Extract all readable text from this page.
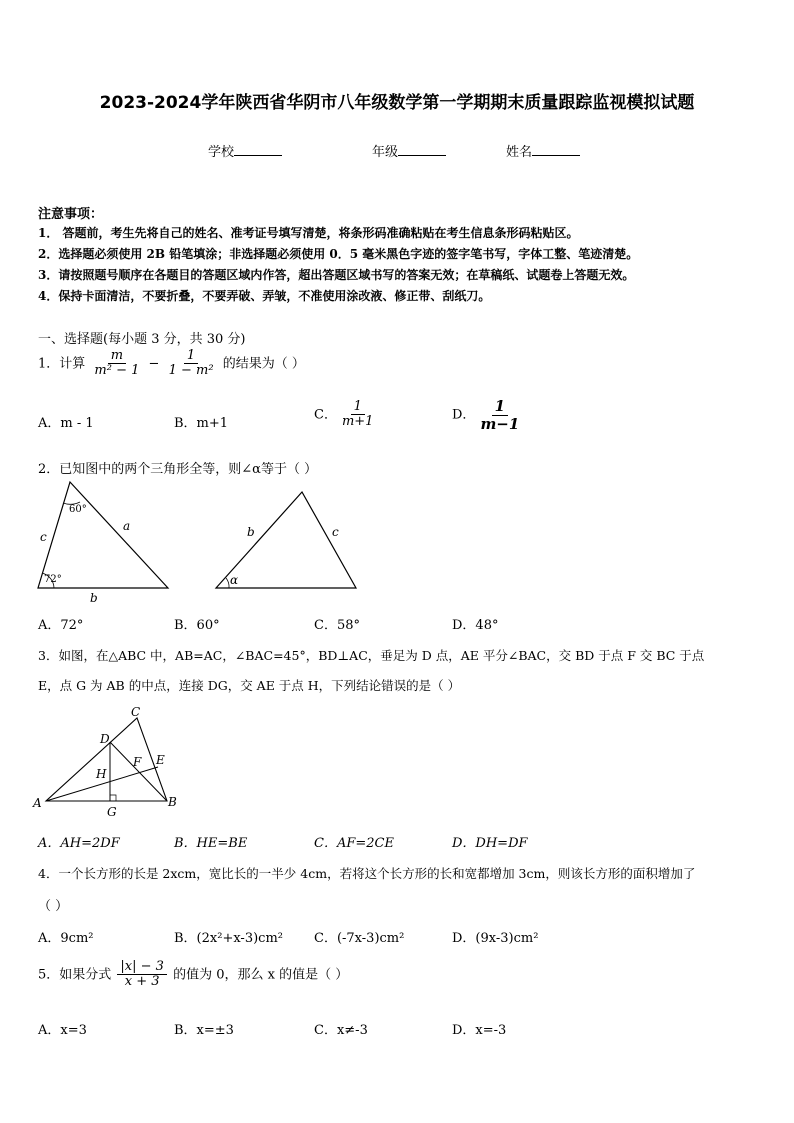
2023-2024学年陕西省华阴市八年级数学第一学期期末质量跟踪监视模拟试题
学校	年级	姓名
注意事项：
1． 答题前，考生先将自己的姓名、准考证号填写清楚，将条形码准确粘贴在考生信息条形码粘贴区。
2．选择题必须使用 2B 铅笔填涂；非选择题必须使用 0．5 毫米黑色字迹的签字笔书写，字体工整、笔迹清楚。
3．请按照题号顺序在各题目的答题区域内作答，超出答题区域书写的答案无效；在草稿纸、试题卷上答题无效。
4．保持卡面清洁，不要折叠，不要弄破、弄皱，不准使用涂改液、修正带、刮纸刀。
一、选择题(每小题 3 分，共 30 分)
1．计算 $\frac{m}{\text{m² − 1}} - \frac{1}{\text{1 − m²}}$ 的结果为（ ）
A．m - 1	B．m+1
C． $\frac{1}{m+1}$	D． $\frac{1}{m-1}$
2．已知图中的两个三角形全等，则∠α等于（ ）
60°
72°
a
c
b
α
b	c
A．72°	B．60°	C．58°	D．48°
3．如图，在△ABC 中，AB=AC，∠BAC=45°，BD⊥AC，垂足为 D 点，AE 平分∠BAC，交 BD 于点 F 交 BC 于点
E，点 G 为 AB 的中点，连接 DG，交 AE 于点 H，下列结论错误的是（ ）
A	B
C
D
E
F
G
H
A．AH=2DF	B．HE=BE	C．AF=2CE	D．DH=DF
4．一个长方形的长是 2xcm，宽比长的一半少 4cm，若将这个长方形的长和宽都增加 3cm，则该长方形的面积增加了
（ ）
A．9cm²	B．(2x²+x-3)cm² C．(-7x-3)cm²	D．(9x-3)cm²
5．如果分式 $\frac{|x| - 3}{x + 3}$ 的值为 0，那么 x 的值是（ ）
A．x=3	B．x=±3	C．x≠-3	D．x=-3
